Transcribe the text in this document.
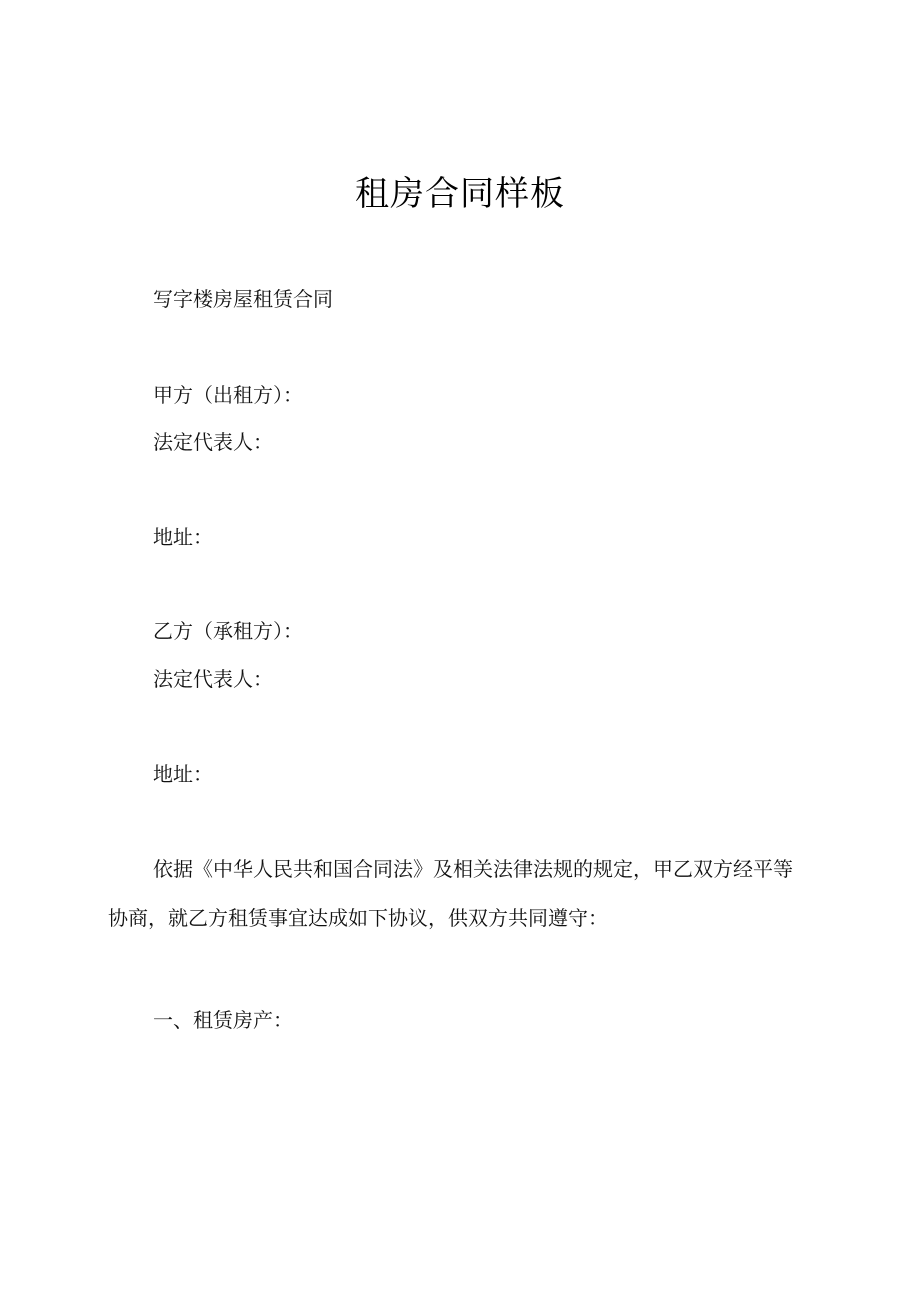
租房合同样板
写字楼房屋租赁合同
甲方（出租方）：
法定代表人：
地址：
乙方（承租方）：
法定代表人：
地址：
依据《中华人民共和国合同法》及相关法律法规的规定，甲乙双方经平等协商，就乙方租赁事宜达成如下协议，供双方共同遵守：
一、租赁房产：
